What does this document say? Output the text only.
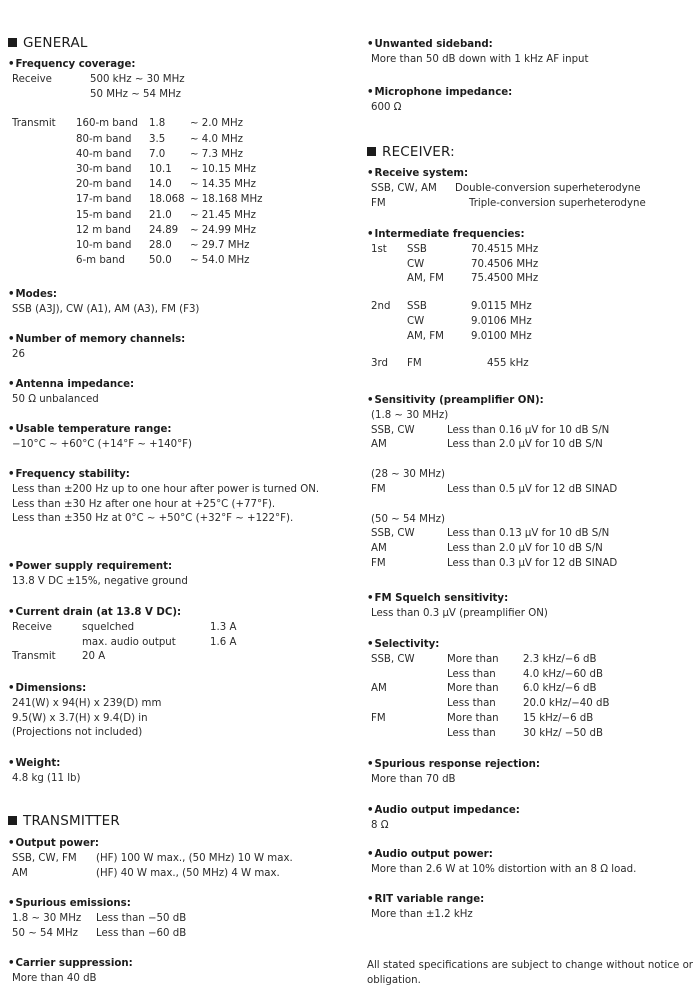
GENERAL
• Frequency coverage:
Receive	500 kHz ~ 30 MHz
50 MHz ~ 54 MHz
Transmit	160-m band	1.8	~ 2.0 MHz
80-m band	3.5	~ 4.0 MHz
40-m band	7.0	~ 7.3 MHz
30-m band	10.1	~ 10.15 MHz
20-m band	14.0	~ 14.35 MHz
17-m band	18.068 ~ 18.168 MHz
15-m band	21.0	~ 21.45 MHz
12 m band	24.89	~ 24.99 MHz
10-m band	28.0	~ 29.7 MHz
6-m band	50.0	~ 54.0 MHz
• Modes:
SSB (A3J), CW (A1), AM (A3), FM (F3)
• Number of memory channels:
26
• Antenna impedance:
50 Ω unbalanced
• Usable temperature range:
−10°C ~ +60°C (+14°F ~ +140°F)
• Frequency stability:
Less than ±200 Hz up to one hour after power is turned ON.
Less than ±30 Hz after one hour at +25°C (+77°F).
Less than ±350 Hz at 0°C ~ +50°C (+32°F ~ +122°F).
• Power supply requirement:
13.8 V DC ±15%, negative ground
• Current drain (at 13.8 V DC):
Receive	squelched	1.3 A
max. audio output	1.6 A
Transmit	20 A
• Dimensions:
241(W) x 94(H) x 239(D) mm
9.5(W) x 3.7(H) x 9.4(D) in
(Projections not included)
• Weight:
4.8 kg (11 lb)
TRANSMITTER
• Output power:
SSB, CW, FM	(HF) 100 W max., (50 MHz) 10 W max.
AM	(HF) 40 W max., (50 MHz) 4 W max.
• Spurious emissions:
1.8 ~ 30 MHz	Less than −50 dB
50 ~ 54 MHz	Less than −60 dB
• Carrier suppression:
More than 40 dB
• Unwanted sideband:
More than 50 dB down with 1 kHz AF input
• Microphone impedance:
600 Ω
RECEIVER:
• Receive system:
SSB, CW, AM	Double-conversion superheterodyne
FM	Triple-conversion superheterodyne
• Intermediate frequencies:
1st	SSB	70.4515 MHz
CW	70.4506 MHz
AM, FM	75.4500 MHz
2nd	SSB	9.0115 MHz
CW	9.0106 MHz
AM, FM	9.0100 MHz
3rd	FM	455 kHz
• Sensitivity (preamplifier ON):
(1.8 ~ 30 MHz)
SSB, CW	Less than 0.16 μV for 10 dB S/N
AM	Less than 2.0 μV for 10 dB S/N
(28 ~ 30 MHz)
FM	Less than 0.5 μV for 12 dB SINAD
(50 ~ 54 MHz)
SSB, CW	Less than 0.13 μV for 10 dB S/N
AM	Less than 2.0 μV for 10 dB S/N
FM	Less than 0.3 μV for 12 dB SINAD
• FM Squelch sensitivity:
Less than 0.3 μV (preamplifier ON)
• Selectivity:
SSB, CW	More than	2.3 kHz/−6 dB
Less than	4.0 kHz/−60 dB
AM	More than	6.0 kHz/−6 dB
Less than	20.0 kHz/−40 dB
FM	More than	15 kHz/−6 dB
Less than	30 kHz/ −50 dB
• Spurious response rejection:
More than 70 dB
• Audio output impedance:
8 Ω
• Audio output power:
More than 2.6 W at 10% distortion with an 8 Ω load.
• RIT variable range:
More than ±1.2 kHz
All stated specifications are subject to change without notice or obligation.
